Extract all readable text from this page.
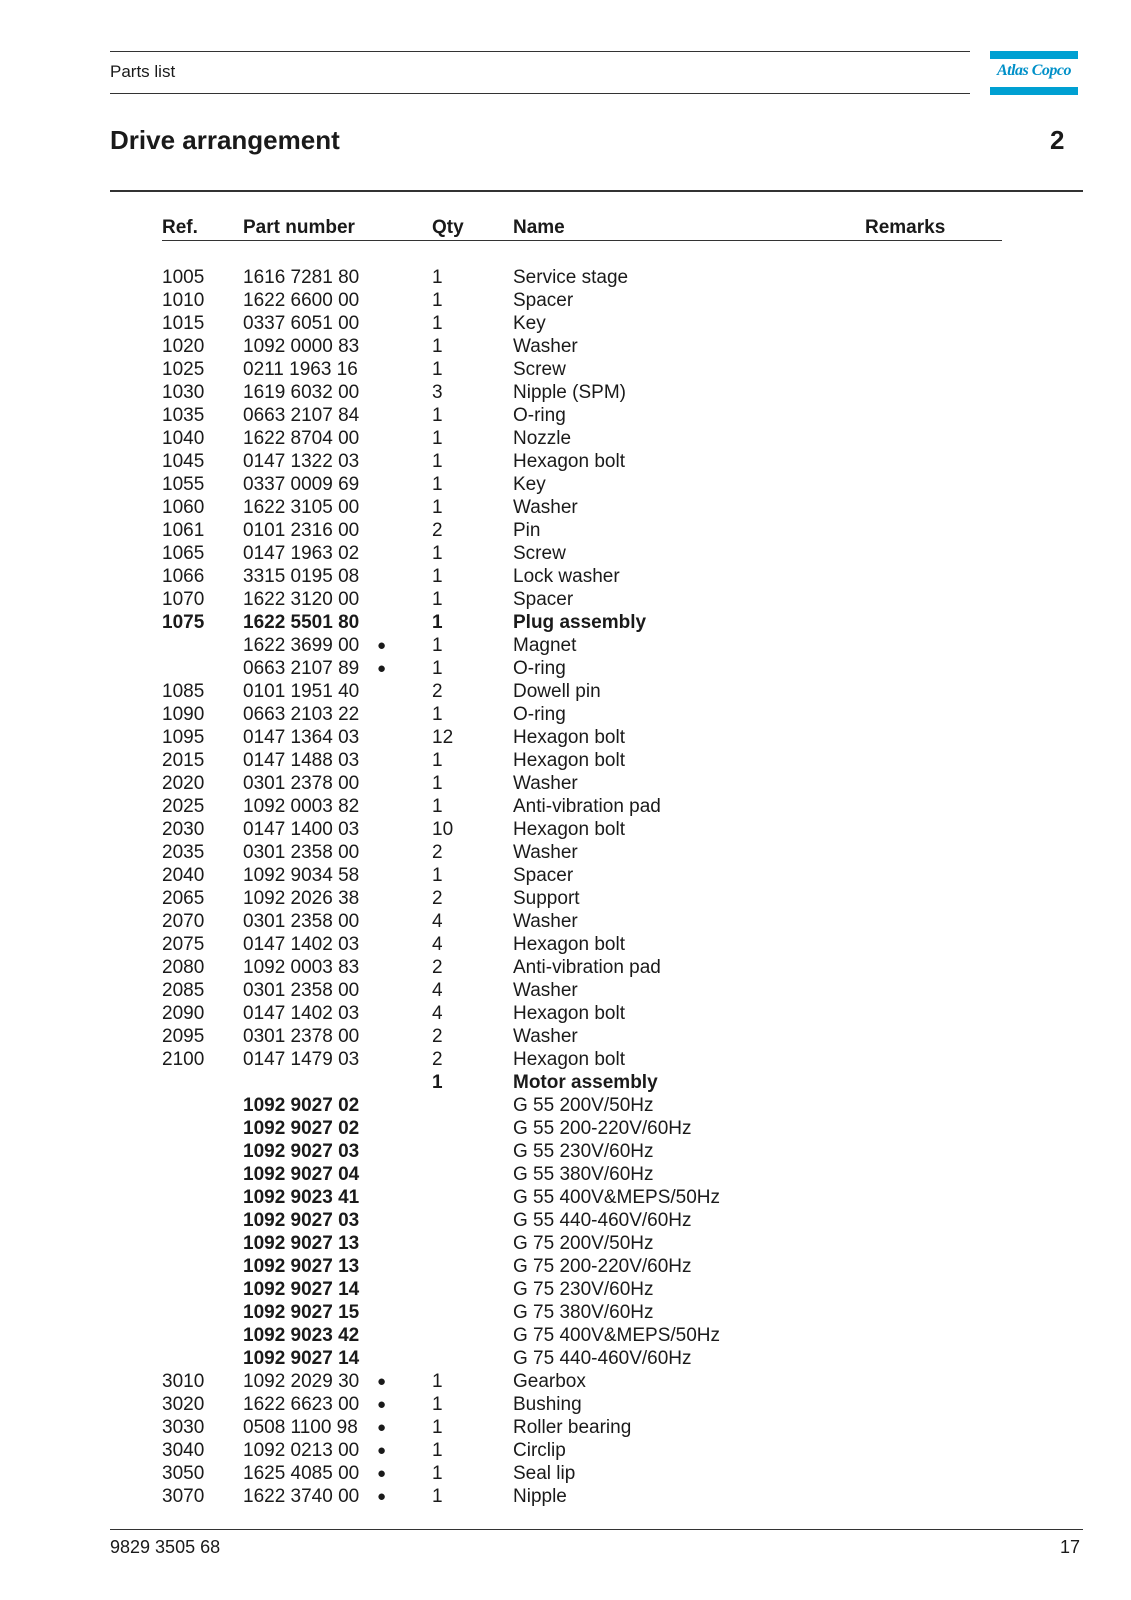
Parts list	Atlas Copco
Drive arrangement	2
Ref. Part number	Qty	Name	Remarks
1005 1616 7281 80	1	Service stage
1010 1622 6600 00	1	Spacer
1015 0337 6051 00	1	Key
1020 1092 0000 83	1	Washer
1025 0211 1963 16	1	Screw
1030 1619 6032 00	3	Nipple (SPM)
1035 0663 2107 84	1	O-ring
1040 1622 8704 00	1	Nozzle
1045 0147 1322 03	1	Hexagon bolt
1055 0337 0009 69	1	Key
1060 1622 3105 00	1	Washer
1061 0101 2316 00	2	Pin
1065 0147 1963 02	1	Screw
1066 3315 0195 08	1	Lock washer
1070 1622 3120 00	1	Spacer
1075 1622 5501 80	1	Plug assembly
1622 3699 00 ● 1	Magnet
0663 2107 89 ● 1	O-ring
1085 0101 1951 40	2	Dowell pin
1090 0663 2103 22	1	O-ring
1095 0147 1364 03	12	Hexagon bolt
2015 0147 1488 03	1	Hexagon bolt
2020 0301 2378 00	1	Washer
2025 1092 0003 82	1	Anti-vibration pad
2030 0147 1400 03	10	Hexagon bolt
2035 0301 2358 00	2	Washer
2040 1092 9034 58	1	Spacer
2065 1092 2026 38	2	Support
2070 0301 2358 00	4	Washer
2075 0147 1402 03	4	Hexagon bolt
2080 1092 0003 83	2	Anti-vibration pad
2085 0301 2358 00	4	Washer
2090 0147 1402 03	4	Hexagon bolt
2095 0301 2378 00	2	Washer
2100 0147 1479 03	2	Hexagon bolt
1	Motor assembly
1092 9027 02	G 55 200V/50Hz
1092 9027 02	G 55 200-220V/60Hz
1092 9027 03	G 55 230V/60Hz
1092 9027 04	G 55 380V/60Hz
1092 9023 41	G 55 400V&MEPS/50Hz
1092 9027 03	G 55 440-460V/60Hz
1092 9027 13	G 75 200V/50Hz
1092 9027 13	G 75 200-220V/60Hz
1092 9027 14	G 75 230V/60Hz
1092 9027 15	G 75 380V/60Hz
1092 9023 42	G 75 400V&MEPS/50Hz
1092 9027 14	G 75 440-460V/60Hz
3010 1092 2029 30 ● 1	Gearbox
3020 1622 6623 00 ● 1	Bushing
3030 0508 1100 98 ● 1	Roller bearing
3040 1092 0213 00 ● 1	Circlip
3050 1625 4085 00 ● 1	Seal lip
3070 1622 3740 00 ● 1	Nipple
9829 3505 68	17
